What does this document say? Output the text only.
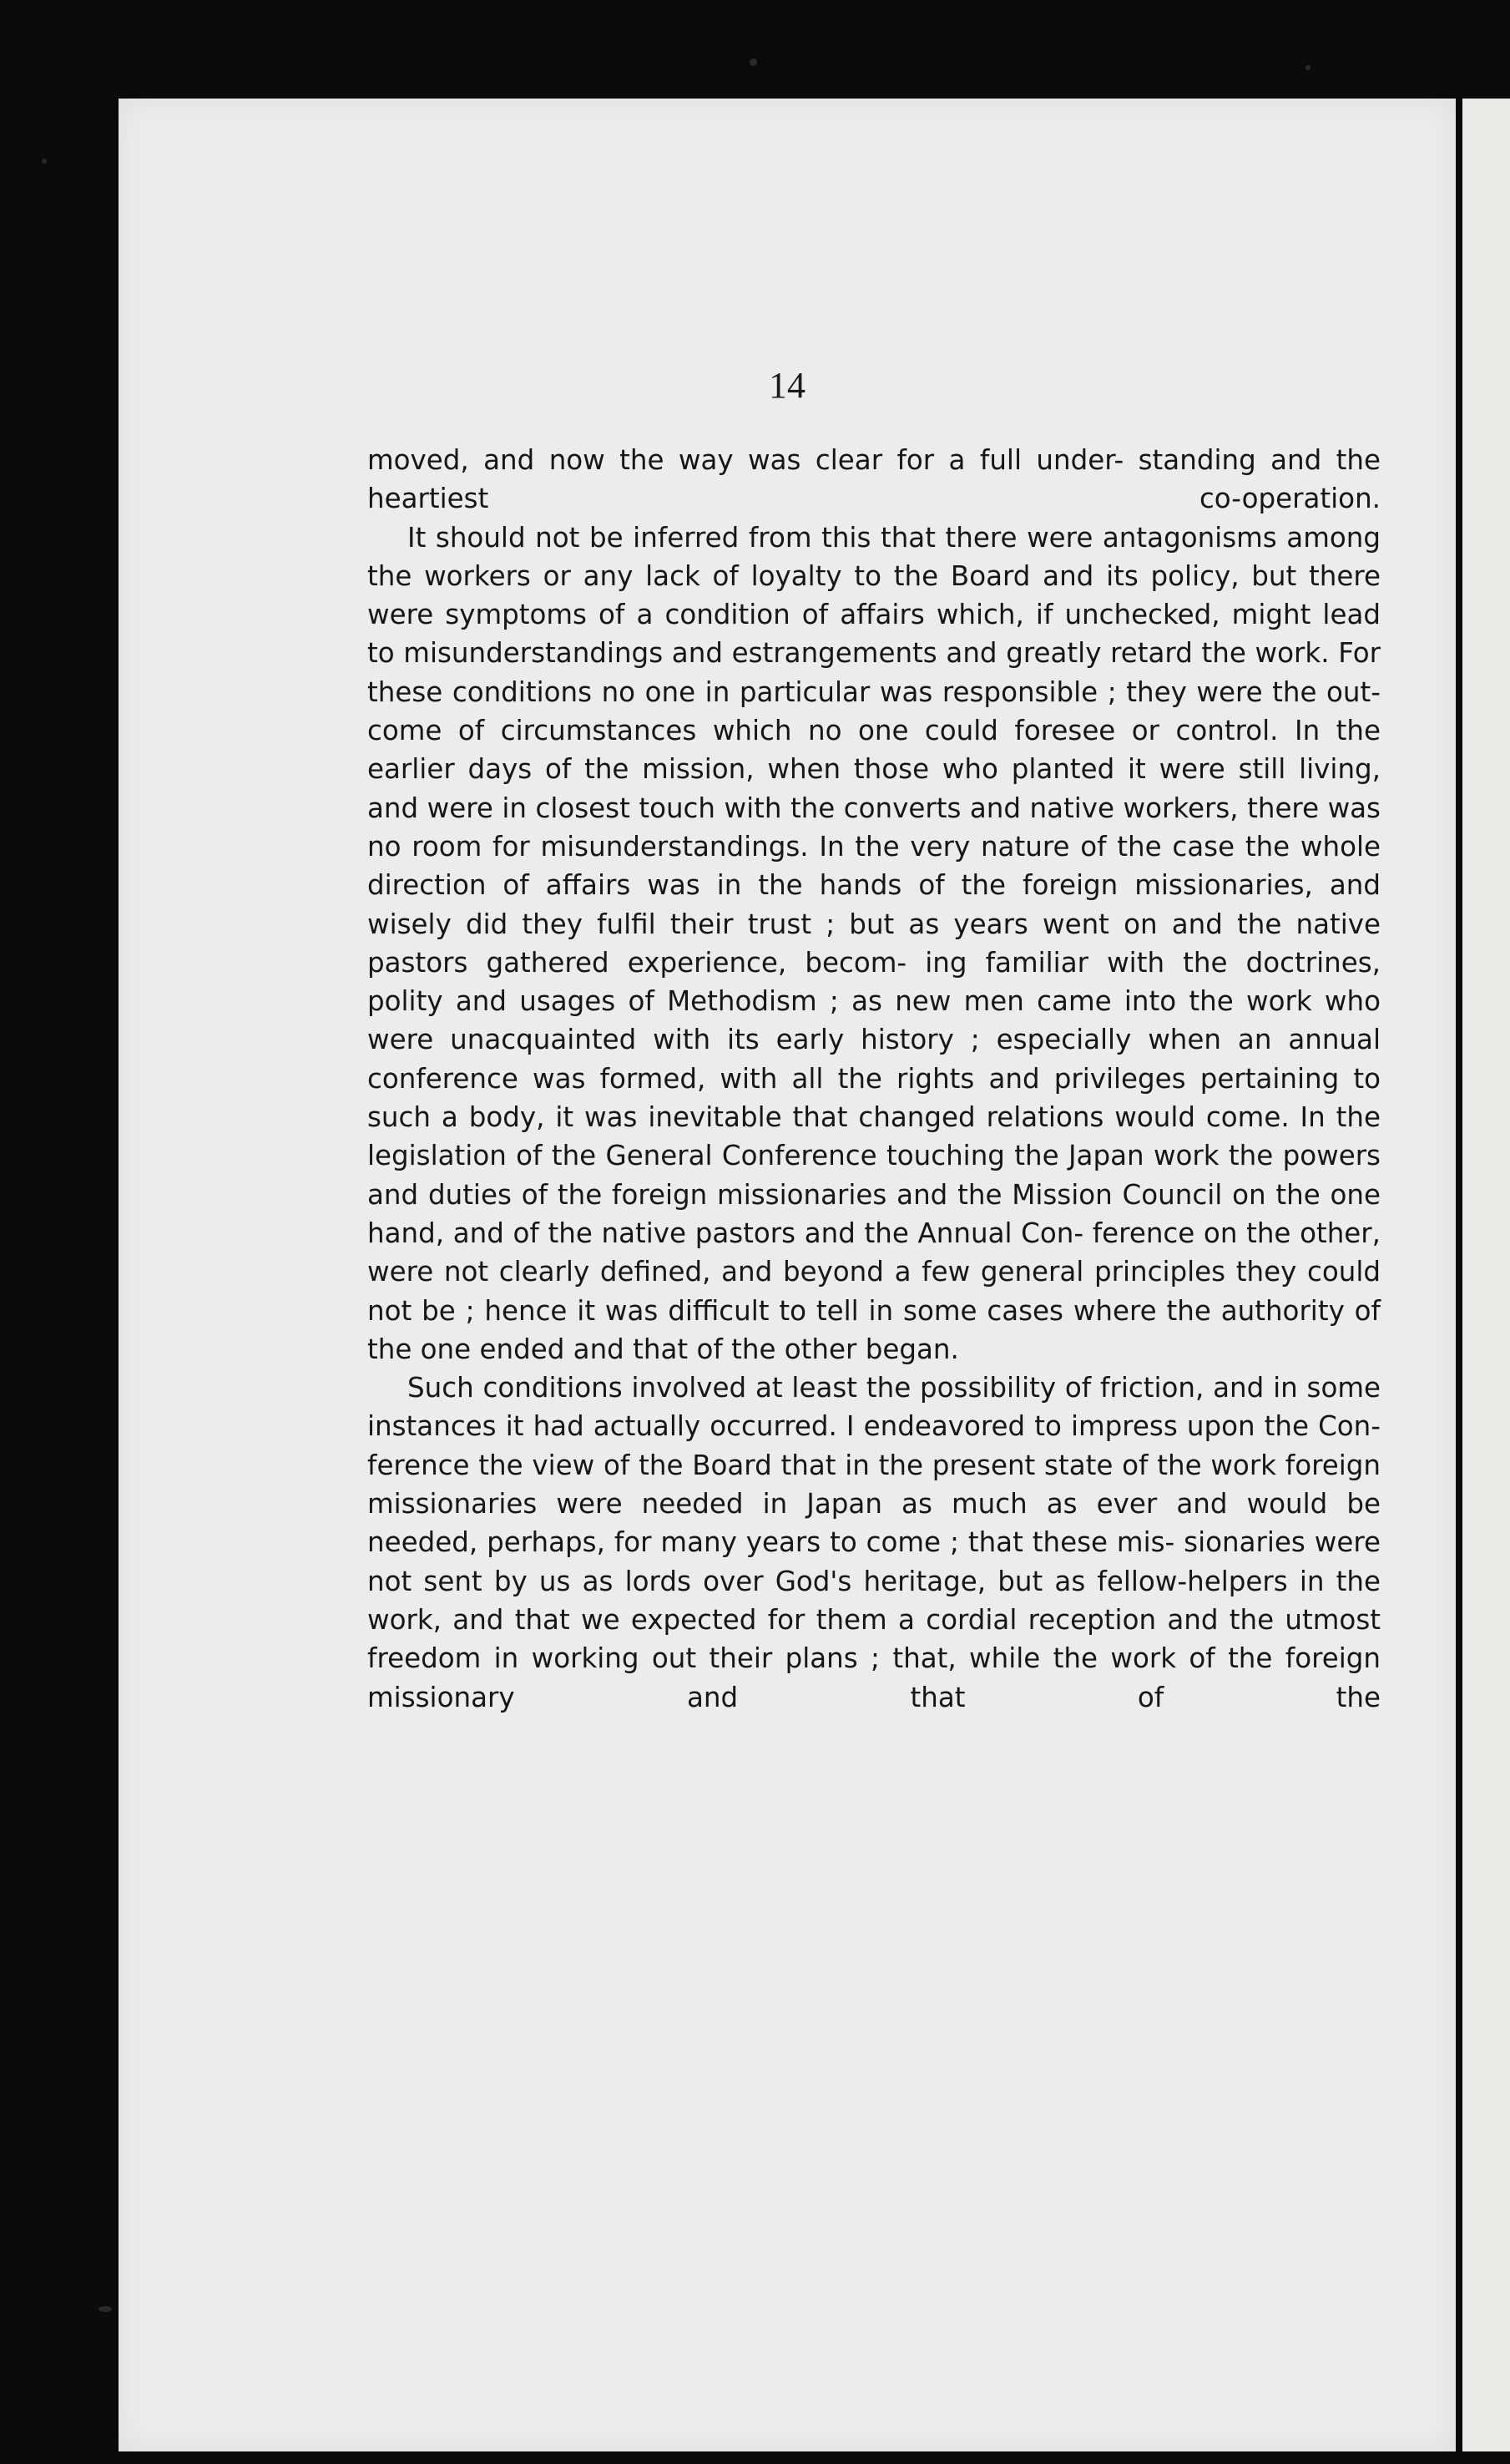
14

moved, and now the way was clear for a full under- standing and the heartiest co-operation.

It should not be inferred from this that there were antagonisms among the workers or any lack of loyalty to the Board and its policy, but there were symptoms of a condition of affairs which, if unchecked, might lead to misunderstandings and estrangements and greatly retard the work. For these conditions no one in particular was responsible ; they were the out- come of circumstances which no one could foresee or control. In the earlier days of the mission, when those who planted it were still living, and were in closest touch with the converts and native workers, there was no room for misunderstandings. In the very nature of the case the whole direction of affairs was in the hands of the foreign missionaries, and wisely did they fulfil their trust ; but as years went on and the native pastors gathered experience, becom- ing familiar with the doctrines, polity and usages of Methodism ; as new men came into the work who were unacquainted with its early history ; especially when an annual conference was formed, with all the rights and privileges pertaining to such a body, it was inevitable that changed relations would come. In the legislation of the General Conference touching the Japan work the powers and duties of the foreign missionaries and the Mission Council on the one hand, and of the native pastors and the Annual Con- ference on the other, were not clearly defined, and beyond a few general principles they could not be ; hence it was difficult to tell in some cases where the authority of the one ended and that of the other began.

Such conditions involved at least the possibility of friction, and in some instances it had actually occurred. I endeavored to impress upon the Con- ference the view of the Board that in the present state of the work foreign missionaries were needed in Japan as much as ever and would be needed, perhaps, for many years to come ; that these mis- sionaries were not sent by us as lords over God's heritage, but as fellow-helpers in the work, and that we expected for them a cordial reception and the utmost freedom in working out their plans ; that, while the work of the foreign missionary and that of the
